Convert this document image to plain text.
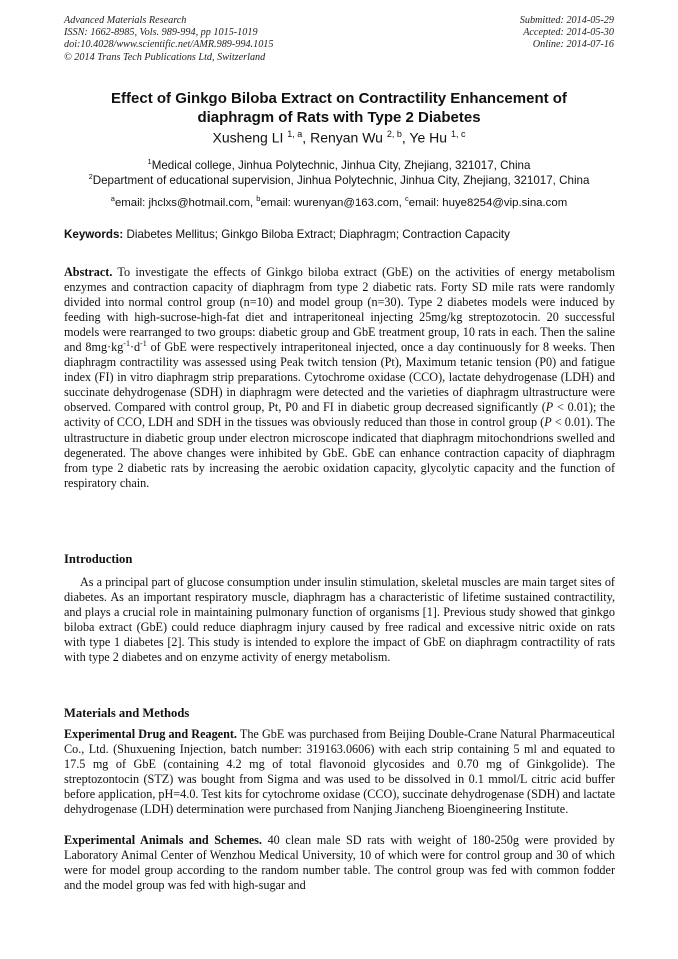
Advanced Materials Research
ISSN: 1662-8985, Vols. 989-994, pp 1015-1019
doi:10.4028/www.scientific.net/AMR.989-994.1015
© 2014 Trans Tech Publications Ltd, Switzerland
Submitted: 2014-05-29
Accepted: 2014-05-30
Online: 2014-07-16
Effect of Ginkgo Biloba Extract on Contractility Enhancement of
diaphragm of Rats with Type 2 Diabetes
Xusheng LI $^{1, a}$, Renyan Wu $^{2, b}$, Ye Hu $^{1, c}$
$^1$Medical college, Jinhua Polytechnic, Jinhua City, Zhejiang, 321017, China
$^2$Department of educational supervision, Jinhua Polytechnic, Jinhua City, Zhejiang, 321017, China
$^a$email: jhclxs@hotmail.com, $^b$email: wurenyan@163.com, $^c$email: huye8254@vip.sina.com
Keywords: Diabetes Mellitus; Ginkgo Biloba Extract; Diaphragm; Contraction Capacity
Abstract. To investigate the effects of Ginkgo biloba extract (GbE) on the activities of energy metabolism enzymes and contraction capacity of diaphragm from type 2 diabetic rats. Forty SD mile rats were randomly divided into normal control group (n=10) and model group (n=30). Type 2 diabetes models were induced by feeding with high-sucrose-high-fat diet and intraperitoneal injecting 25mg/kg streptozotocin. 20 successful models were rearranged to two groups: diabetic group and GbE treatment group, 10 rats in each. Then the saline and $8mg\cdot kg^{-1}\cdot d^{-1}$ of GbE were respectively intraperitoneal injected, once a day continuously for 8 weeks. Then diaphragm contractility was assessed using Peak twitch tension (Pt), Maximum tetanic tension (P0) and fatigue index (FI) in vitro diaphragm strip preparations. Cytochrome oxidase (CCO), lactate dehydrogenase (LDH) and succinate dehydrogenase (SDH) in diaphragm were detected and the varieties of diaphragm ultrastructure were observed. Compared with control group, Pt, P0 and FI in diabetic group decreased significantly (P < 0.01); the activity of CCO, LDH and SDH in the tissues was obviously reduced than those in control group (P < 0.01). The ultrastructure in diabetic group under electron microscope indicated that diaphragm mitochondrions swelled and degenerated. The above changes were inhibited by GbE. GbE can enhance contraction capacity of diaphragm from type 2 diabetic rats by increasing the aerobic oxidation capacity, glycolytic capacity and the function of respiratory chain.
Introduction
As a principal part of glucose consumption under insulin stimulation, skeletal muscles are main target sites of diabetes. As an important respiratory muscle, diaphragm has a characteristic of lifetime sustained contractility, and plays a crucial role in maintaining pulmonary function of organisms [1]. Previous study showed that ginkgo biloba extract (GbE) could reduce diaphragm injury caused by free radical and excessive nitric oxide on rats with type 1 diabetes [2]. This study is intended to explore the impact of GbE on diaphragm contractility of rats with type 2 diabetes and on enzyme activity of energy metabolism.
Materials and Methods
Experimental Drug and Reagent. The GbE was purchased from Beijing Double-Crane Natural Pharmaceutical Co., Ltd. (Shuxuening Injection, batch number: 319163.0606) with each strip containing 5 ml and equated to 17.5 mg of GbE (containing 4.2 mg of total flavonoid glycosides and 0.70 mg of Ginkgolide). The streptozontocin (STZ) was bought from Sigma and was used to be dissolved in 0.1 mmol/L citric acid buffer before application, pH=4.0. Test kits for cytochrome oxidase (CCO), succinate dehydrogenase (SDH) and lactate dehydrogenase (LDH) determination were purchased from Nanjing Jiancheng Bioengineering Institute.
Experimental Animals and Schemes. 40 clean male SD rats with weight of 180-250g were provided by Laboratory Animal Center of Wenzhou Medical University, 10 of which were for control group and 30 of which were for model group according to the random number table. The control group was fed with common fodder and the model group was fed with high-sugar and
